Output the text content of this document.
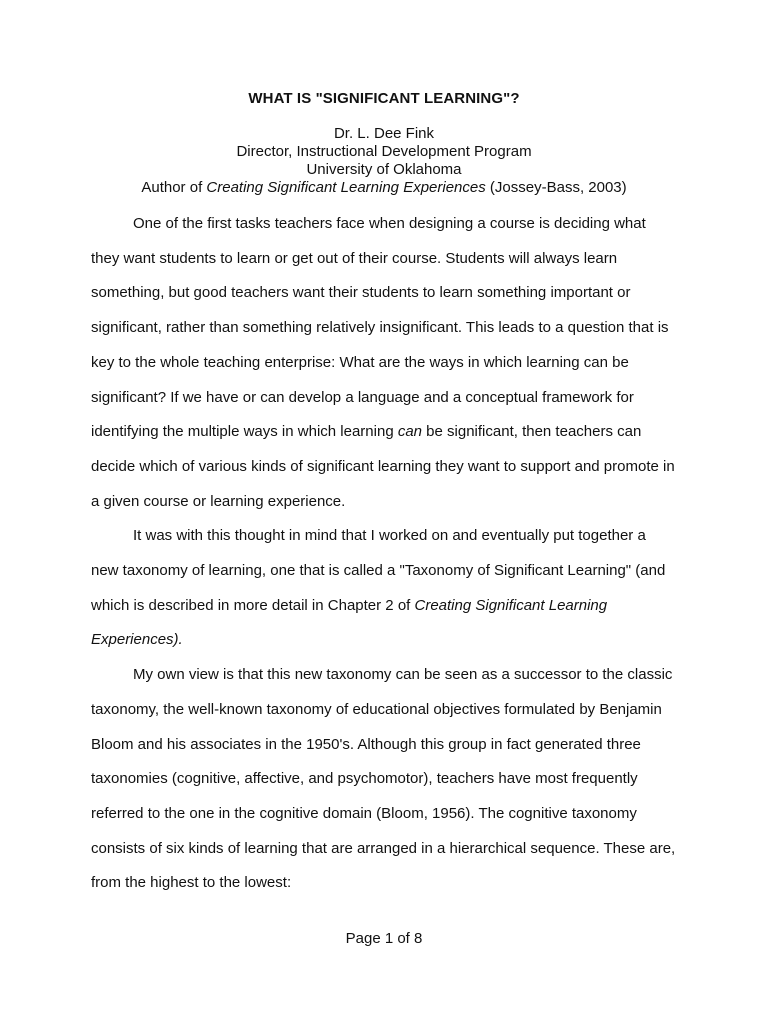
WHAT IS "SIGNIFICANT LEARNING"?
Dr. L. Dee Fink
Director, Instructional Development Program
University of Oklahoma
Author of Creating Significant Learning Experiences (Jossey-Bass, 2003)
One of the first tasks teachers face when designing a course is deciding what
they want students to learn or get out of their course. Students will always learn
something, but good teachers want their students to learn something important or
significant, rather than something relatively insignificant. This leads to a question that is
key to the whole teaching enterprise: What are the ways in which learning can be
significant? If we have or can develop a language and a conceptual framework for
identifying the multiple ways in which learning can be significant, then teachers can
decide which of various kinds of significant learning they want to support and promote in
a given course or learning experience.
It was with this thought in mind that I worked on and eventually put together a
new taxonomy of learning, one that is called a "Taxonomy of Significant Learning" (and
which is described in more detail in Chapter 2 of Creating Significant Learning
Experiences).
My own view is that this new taxonomy can be seen as a successor to the classic
taxonomy, the well-known taxonomy of educational objectives formulated by Benjamin
Bloom and his associates in the 1950's. Although this group in fact generated three
taxonomies (cognitive, affective, and psychomotor), teachers have most frequently
referred to the one in the cognitive domain (Bloom, 1956). The cognitive taxonomy
consists of six kinds of learning that are arranged in a hierarchical sequence. These are,
from the highest to the lowest:
Page 1 of 8
